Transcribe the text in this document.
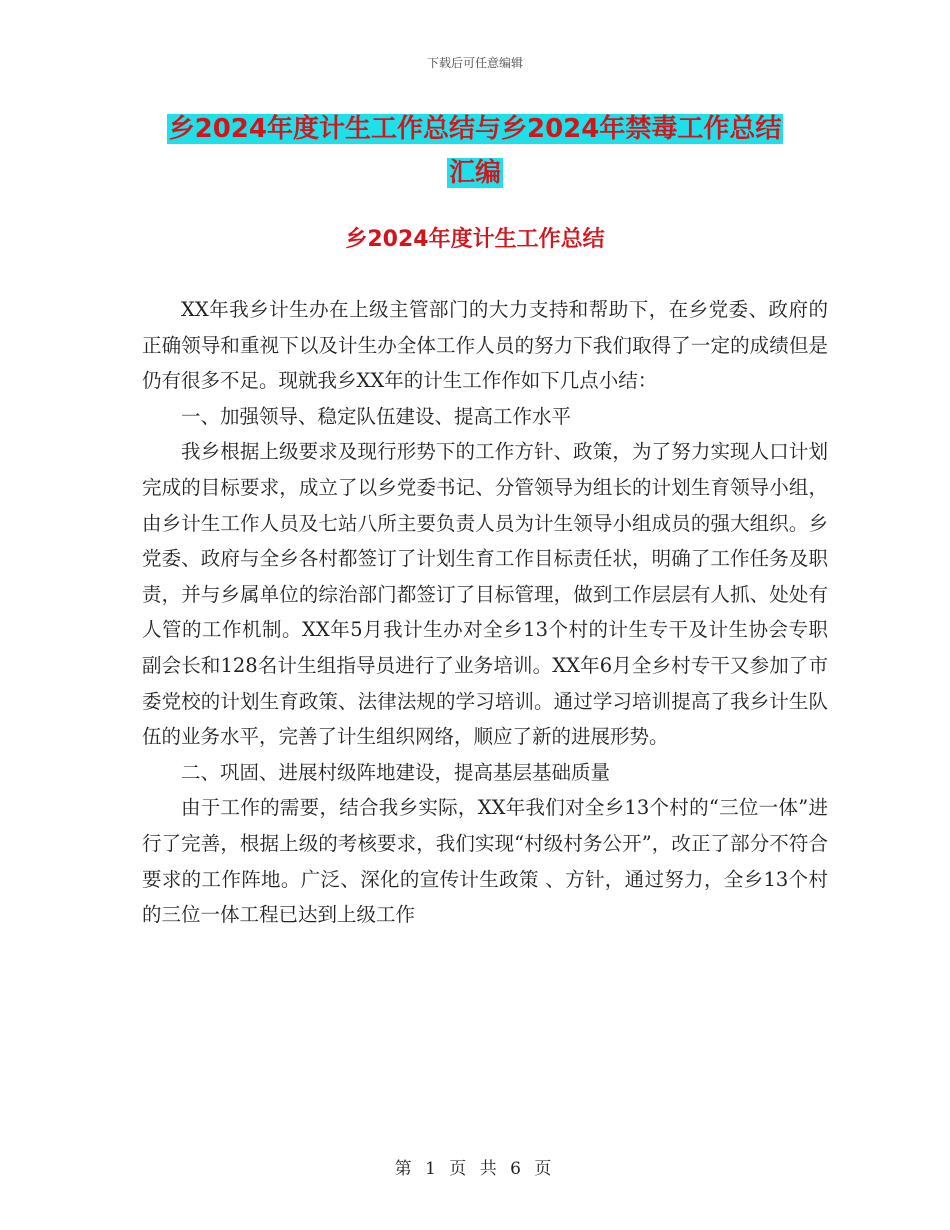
下载后可任意编辑
乡2024年度计生工作总结与乡2024年禁毒工作总结
汇编
乡2024年度计生工作总结

XX年我乡计生办在上级主管部门的大力支持和帮助下，在乡党委、政府的正确领导和重视下以及计生办全体工作人员的努力下我们取得了一定的成绩但是仍有很多不足。现就我乡XX年的计生工作作如下几点小结：

一、加强领导、稳定队伍建设、提高工作水平

我乡根据上级要求及现行形势下的工作方针、政策，为了努力实现人口计划完成的目标要求，成立了以乡党委书记、分管领导为组长的计划生育领导小组，由乡计生工作人员及七站八所主要负责人员为计生领导小组成员的强大组织。乡党委、政府与全乡各村都签订了计划生育工作目标责任状，明确了工作任务及职责，并与乡属单位的综治部门都签订了目标管理，做到工作层层有人抓、处处有人管的工作机制。XX年5月我计生办对全乡13个村的计生专干及计生协会专职副会长和128名计生组指导员进行了业务培训。XX年6月全乡村专干又参加了市委党校的计划生育政策、法律法规的学习培训。通过学习培训提高了我乡计生队伍的业务水平，完善了计生组织网络，顺应了新的进展形势。

二、巩固、进展村级阵地建设，提高基层基础质量

由于工作的需要，结合我乡实际，XX年我们对全乡13个村的“三位一体”进行了完善，根据上级的考核要求，我们实现“村级村务公开”，改正了部分不符合要求的工作阵地。广泛、深化的宣传计生政策 、方针，通过努力，全乡13个村的三位一体工程已达到上级工作

第 1 页 共 6 页
